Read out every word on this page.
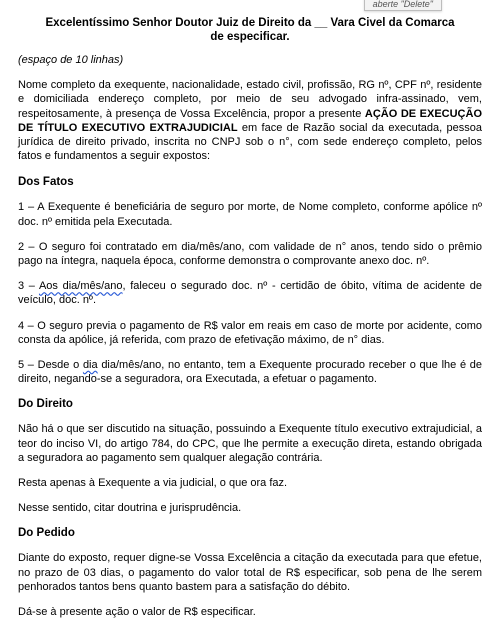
aberte "Delete"
Excelentíssimo Senhor Doutor Juiz de Direito da __ Vara Civel da Comarca
de especificar.

(espaço de 10 linhas)

Nome completo da exequente, nacionalidade, estado civil, profissão, RG nº, CPF nº, residente e domiciliada endereço completo, por meio de seu advogado infra-assinado, vem, respeitosamente, à presença de Vossa Excelência, propor a presente AÇÃO DE EXECUÇÃO DE TÍTULO EXECUTIVO EXTRAJUDICIAL em face de Razão social da executada, pessoa jurídica de direito privado, inscrita no CNPJ sob o n°, com sede endereço completo, pelos fatos e fundamentos a seguir expostos:

Dos Fatos

1 – A Exequente é beneficiária de seguro por morte, de Nome completo, conforme apólice nº doc. nº emitida pela Executada.

2 – O seguro foi contratado em dia/mês/ano, com validade de n° anos, tendo sido o prêmio pago na íntegra, naquela época, conforme demonstra o comprovante anexo doc. nº.

3 – Aos dia/mês/ano, faleceu o segurado doc. nº - certidão de óbito, vítima de acidente de veículo, doc. nº.

4 – O seguro previa o pagamento de R$ valor em reais em caso de morte por acidente, como consta da apólice, já referida, com prazo de efetivação máximo, de n° dias.

5 – Desde o dia dia/mês/ano, no entanto, tem a Exequente procurado receber o que lhe é de direito, negando-se a seguradora, ora Executada, a efetuar o pagamento.

Do Direito

Não há o que ser discutido na situação, possuindo a Exequente título executivo extrajudicial, a teor do inciso VI, do artigo 784, do CPC, que lhe permite a execução direta, estando obrigada a seguradora ao pagamento sem qualquer alegação contrária.

Resta apenas à Exequente a via judicial, o que ora faz.

Nesse sentido, citar doutrina e jurisprudência.

Do Pedido

Diante do exposto, requer digne-se Vossa Excelência a citação da executada para que efetue, no prazo de 03 dias, o pagamento do valor total de R$ especificar, sob pena de lhe serem penhorados tantos bens quanto bastem para a satisfação do débito.

Dá-se à presente ação o valor de R$ especificar.
